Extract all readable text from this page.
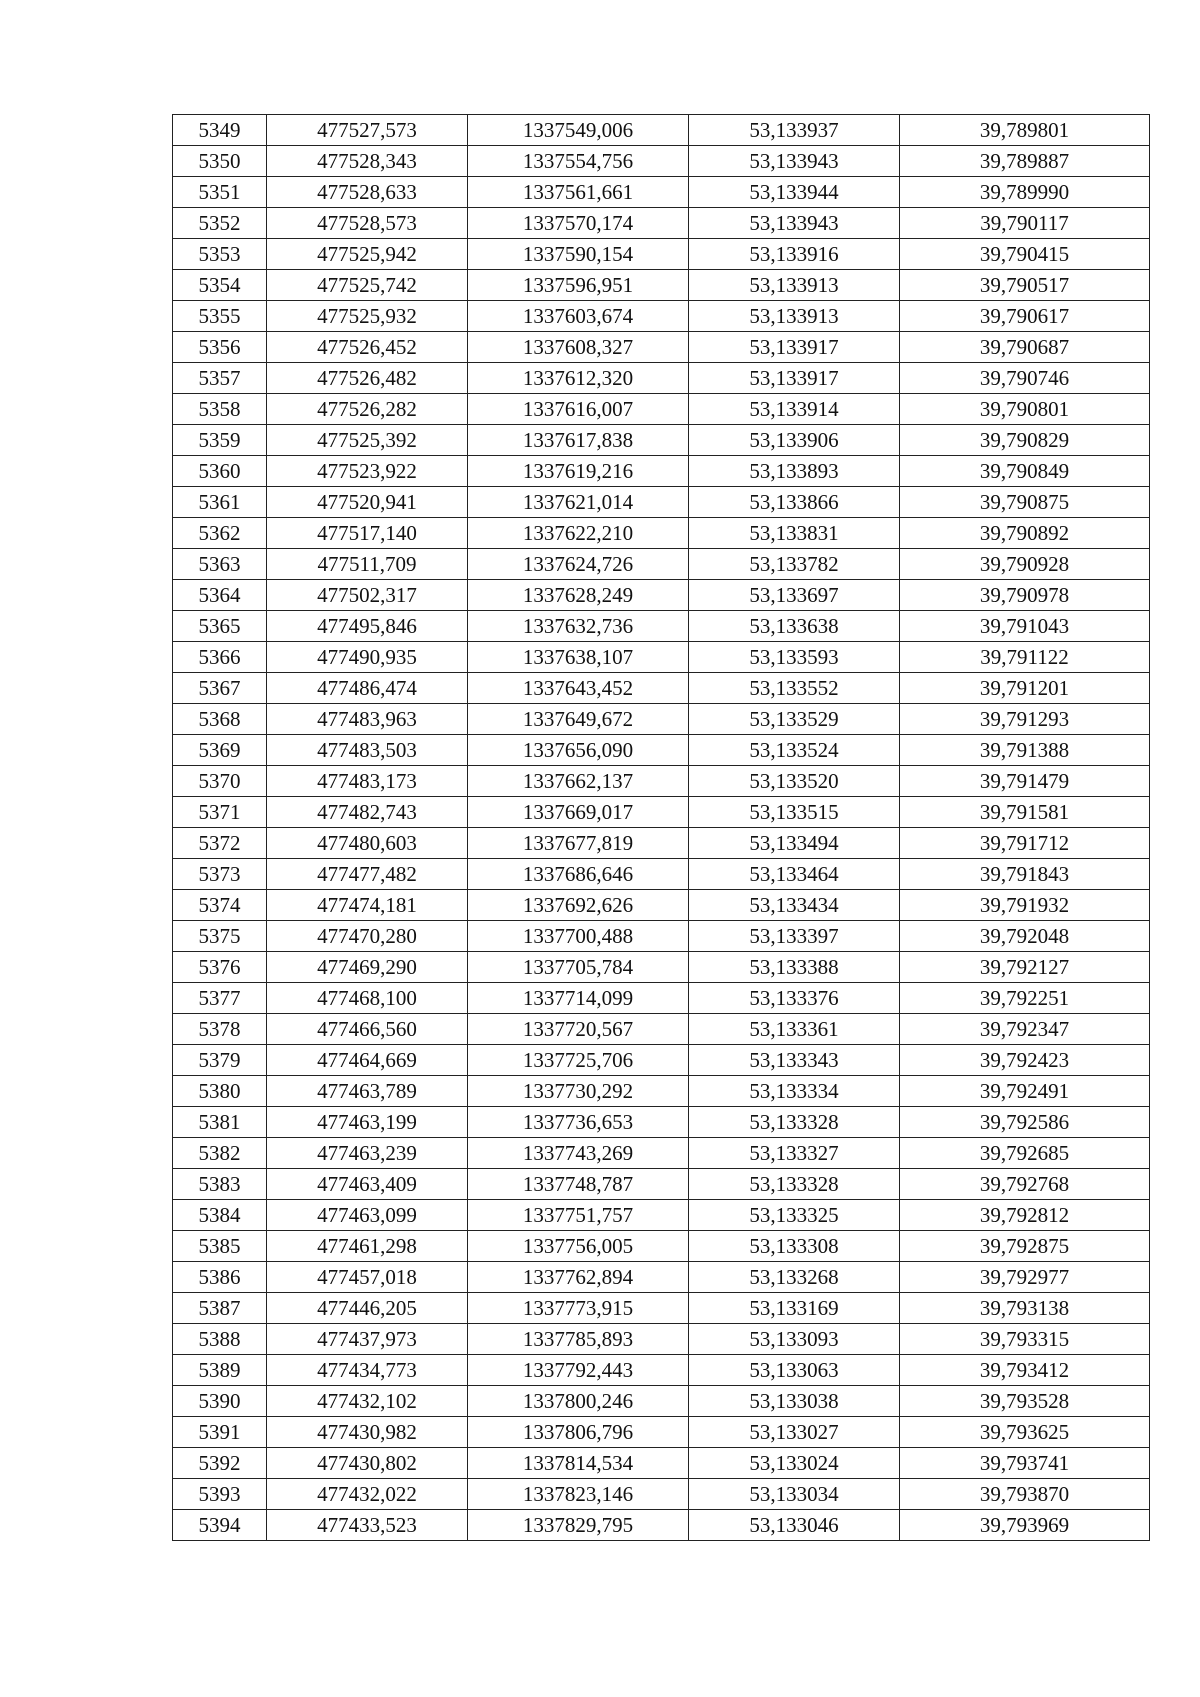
5349	477527,573	1337549,006	53,133937	39,789801
5350	477528,343	1337554,756	53,133943	39,789887
5351	477528,633	1337561,661	53,133944	39,789990
5352	477528,573	1337570,174	53,133943	39,790117
5353	477525,942	1337590,154	53,133916	39,790415
5354	477525,742	1337596,951	53,133913	39,790517
5355	477525,932	1337603,674	53,133913	39,790617
5356	477526,452	1337608,327	53,133917	39,790687
5357	477526,482	1337612,320	53,133917	39,790746
5358	477526,282	1337616,007	53,133914	39,790801
5359	477525,392	1337617,838	53,133906	39,790829
5360	477523,922	1337619,216	53,133893	39,790849
5361	477520,941	1337621,014	53,133866	39,790875
5362	477517,140	1337622,210	53,133831	39,790892
5363	477511,709	1337624,726	53,133782	39,790928
5364	477502,317	1337628,249	53,133697	39,790978
5365	477495,846	1337632,736	53,133638	39,791043
5366	477490,935	1337638,107	53,133593	39,791122
5367	477486,474	1337643,452	53,133552	39,791201
5368	477483,963	1337649,672	53,133529	39,791293
5369	477483,503	1337656,090	53,133524	39,791388
5370	477483,173	1337662,137	53,133520	39,791479
5371	477482,743	1337669,017	53,133515	39,791581
5372	477480,603	1337677,819	53,133494	39,791712
5373	477477,482	1337686,646	53,133464	39,791843
5374	477474,181	1337692,626	53,133434	39,791932
5375	477470,280	1337700,488	53,133397	39,792048
5376	477469,290	1337705,784	53,133388	39,792127
5377	477468,100	1337714,099	53,133376	39,792251
5378	477466,560	1337720,567	53,133361	39,792347
5379	477464,669	1337725,706	53,133343	39,792423
5380	477463,789	1337730,292	53,133334	39,792491
5381	477463,199	1337736,653	53,133328	39,792586
5382	477463,239	1337743,269	53,133327	39,792685
5383	477463,409	1337748,787	53,133328	39,792768
5384	477463,099	1337751,757	53,133325	39,792812
5385	477461,298	1337756,005	53,133308	39,792875
5386	477457,018	1337762,894	53,133268	39,792977
5387	477446,205	1337773,915	53,133169	39,793138
5388	477437,973	1337785,893	53,133093	39,793315
5389	477434,773	1337792,443	53,133063	39,793412
5390	477432,102	1337800,246	53,133038	39,793528
5391	477430,982	1337806,796	53,133027	39,793625
5392	477430,802	1337814,534	53,133024	39,793741
5393	477432,022	1337823,146	53,133034	39,793870
5394	477433,523	1337829,795	53,133046	39,793969
